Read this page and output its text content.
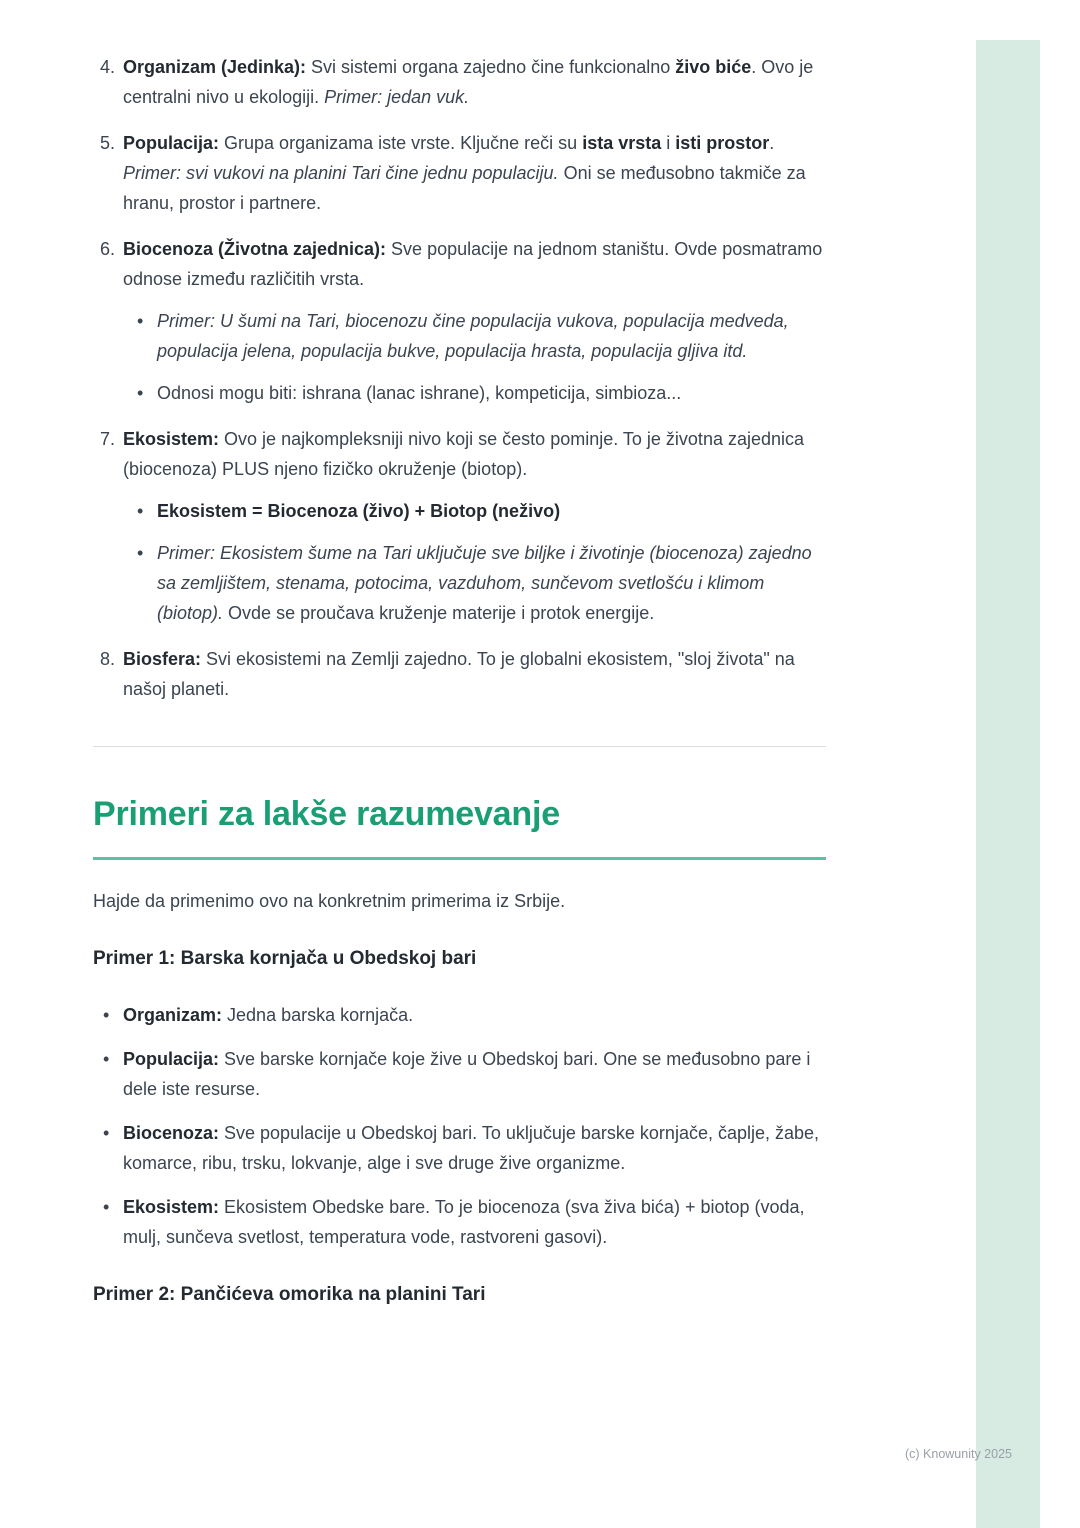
4. Organizam (Jedinka): Svi sistemi organa zajedno čine funkcionalno živo biće. Ovo je centralni nivo u ekologiji. Primer: jedan vuk.
5. Populacija: Grupa organizama iste vrste. Ključne reči su ista vrsta i isti prostor. Primer: svi vukovi na planini Tari čine jednu populaciju. Oni se međusobno takmiče za hranu, prostor i partnere.
6. Biocenoza (Životna zajednica): Sve populacije na jednom staništu. Ovde posmatramo odnose između različitih vrsta.
• Primer: U šumi na Tari, biocenozu čine populacija vukova, populacija medveda, populacija jelena, populacija bukve, populacija hrasta, populacija gljiva itd.
• Odnosi mogu biti: ishrana (lanac ishrane), kompeticija, simbioza...
7. Ekosistem: Ovo je najkompleksniji nivo koji se često pominje. To je životna zajednica (biocenoza) PLUS njeno fizičko okruženje (biotop).
• Ekosistem = Biocenoza (živo) + Biotop (neživo)
• Primer: Ekosistem šume na Tari uključuje sve biljke i životinje (biocenoza) zajedno sa zemljištem, stenama, potocima, vazduhom, sunčevom svetlošću i klimom (biotop). Ovde se proučava kruženje materije i protok energije.
8. Biosfera: Svi ekosistemi na Zemlji zajedno. To je globalni ekosistem, "sloj života" na našoj planeti.
Primeri za lakše razumevanje

Hajde da primenimo ovo na konkretnim primerima iz Srbije.

Primer 1: Barska kornjača u Obedskoj bari
• Organizam: Jedna barska kornjača.
• Populacija: Sve barske kornjače koje žive u Obedskoj bari. One se međusobno pare i dele iste resurse.
• Biocenoza: Sve populacije u Obedskoj bari. To uključuje barske kornjače, čaplje, žabe, komarce, ribu, trsku, lokvanje, alge i sve druge žive organizme.
• Ekosistem: Ekosistem Obedske bare. To je biocenoza (sva živa bića) + biotop (voda, mulj, sunčeva svetlost, temperatura vode, rastvoreni gasovi).
Primer 2: Pančićeva omorika na planini Tari
(c) Knowunity 2025
